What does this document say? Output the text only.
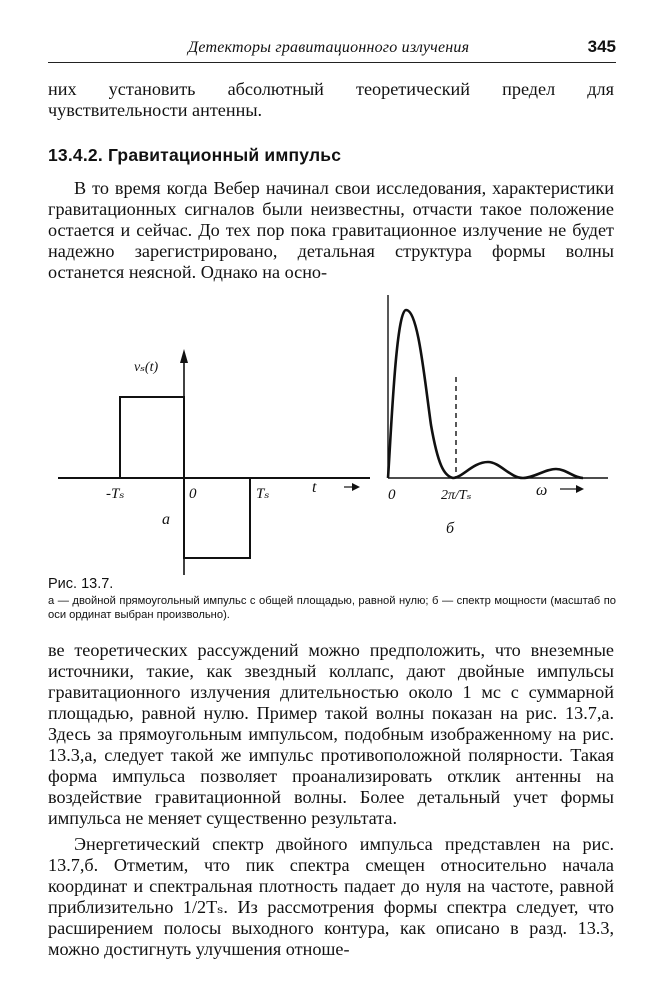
Детекторы гравитационного излучения	345

них установить абсолютный теоретический предел для чувствительности антенны.

13.4.2. Гравитационный импульс

В то время когда Вебер начинал свои исследования, характеристики гравитационных сигналов были неизвестны, отчасти такое положение остается и сейчас. До тех пор пока гравитационное излучение не будет надежно зарегистрировано, детальная структура формы волны останется неясной. Однако на осно-

vₛ(t)
-Tₛ	0	Tₛ	t
а
0	2π/Tₛ	ω
б
Рис. 13.7.

а — двойной прямоугольный импульс с общей площадью, равной нулю; б — спектр мощности (масштаб по оси ординат выбран произвольно).

ве теоретических рассуждений можно предположить, что внеземные источники, такие, как звездный коллапс, дают двойные импульсы гравитационного излучения длительностью около 1 мс с суммарной площадью, равной нулю. Пример такой волны показан на рис. 13.7,а. Здесь за прямоугольным импульсом, подобным изображенному на рис. 13.3,а, следует такой же импульс противоположной полярности. Такая форма импульса позволяет проанализировать отклик антенны на воздействие гравитационной волны. Более детальный учет формы импульса не меняет существенно результата.

Энергетический спектр двойного импульса представлен на рис. 13.7,б. Отметим, что пик спектра смещен относительно начала координат и спектральная плотность падает до нуля на частоте, равной приблизительно 1/2Tₛ. Из рассмотрения формы спектра следует, что расширением полосы выходного контура, как описано в разд. 13.3, можно достигнуть улучшения отноше-
